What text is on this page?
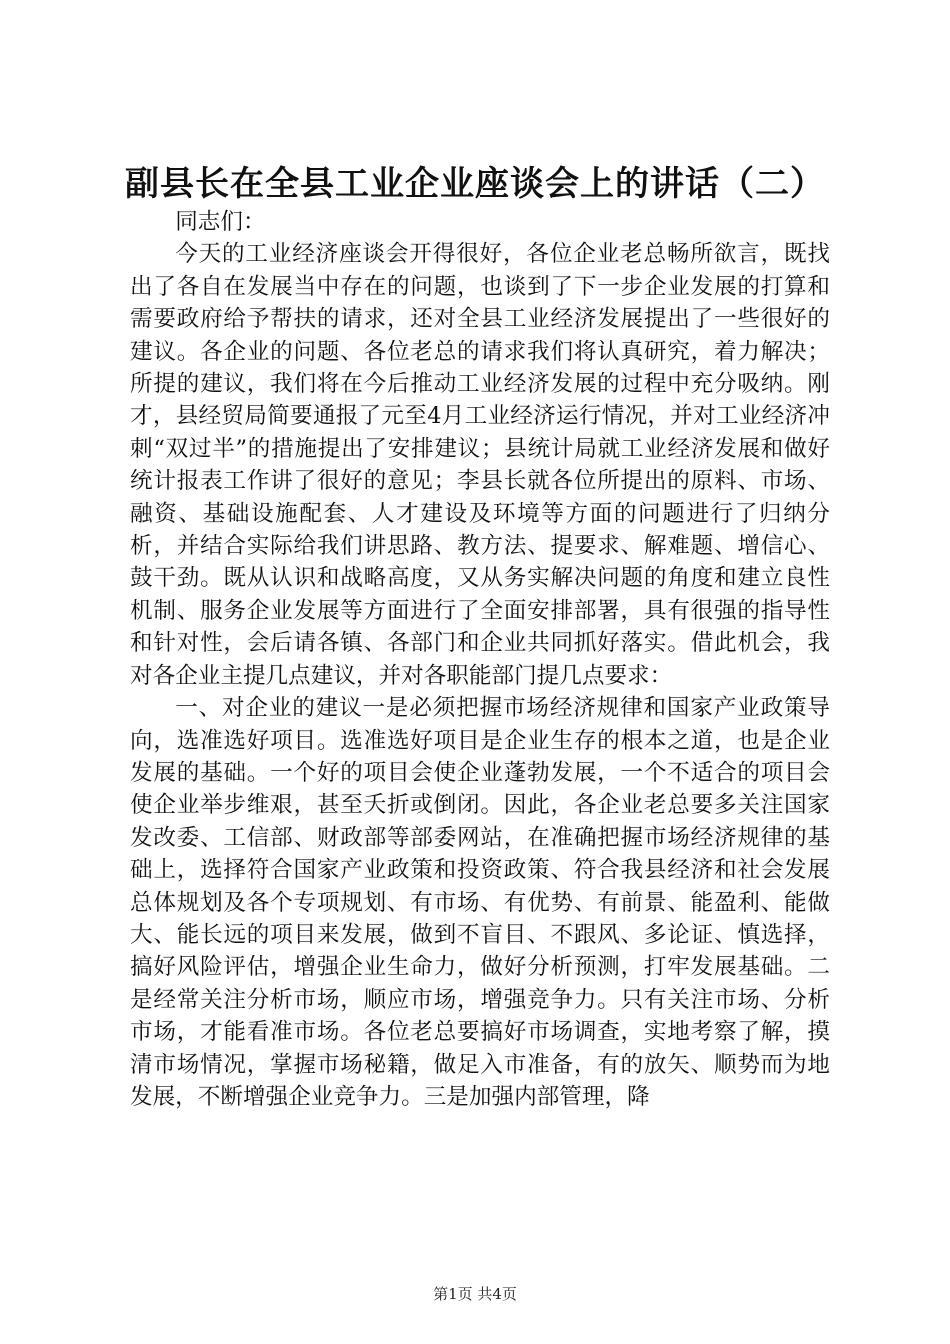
副县长在全县工业企业座谈会上的讲话（二）

同志们：

今天的工业经济座谈会开得很好，各位企业老总畅所欲言，既找出了各自在发展当中存在的问题，也谈到了下一步企业发展的打算和需要政府给予帮扶的请求，还对全县工业经济发展提出了一些很好的建议。各企业的问题、各位老总的请求我们将认真研究，着力解决；所提的建议，我们将在今后推动工业经济发展的过程中充分吸纳。刚才，县经贸局简要通报了元至4月工业经济运行情况，并对工业经济冲刺“双过半”的措施提出了安排建议；县统计局就工业经济发展和做好统计报表工作讲了很好的意见；李县长就各位所提出的原料、市场、融资、基础设施配套、人才建设及环境等方面的问题进行了归纳分析，并结合实际给我们讲思路、教方法、提要求、解难题、增信心、鼓干劲。既从认识和战略高度，又从务实解决问题的角度和建立良性机制、服务企业发展等方面进行了全面安排部署，具有很强的指导性和针对性，会后请各镇、各部门和企业共同抓好落实。借此机会，我对各企业主提几点建议，并对各职能部门提几点要求：

一、对企业的建议一是必须把握市场经济规律和国家产业政策导向，选准选好项目。选准选好项目是企业生存的根本之道，也是企业发展的基础。一个好的项目会使企业蓬勃发展，一个不适合的项目会使企业举步维艰，甚至夭折或倒闭。因此，各企业老总要多关注国家发改委、工信部、财政部等部委网站，在准确把握市场经济规律的基础上，选择符合国家产业政策和投资政策、符合我县经济和社会发展总体规划及各个专项规划、有市场、有优势、有前景、能盈利、能做大、能长远的项目来发展，做到不盲目、不跟风、多论证、慎选择，搞好风险评估，增强企业生命力，做好分析预测，打牢发展基础。二是经常关注分析市场，顺应市场，增强竞争力。只有关注市场、分析市场，才能看准市场。各位老总要搞好市场调查，实地考察了解，摸清市场情况，掌握市场秘籍，做足入市准备，有的放矢、顺势而为地发展，不断增强企业竞争力。三是加强内部管理，降

第1页 共4页
